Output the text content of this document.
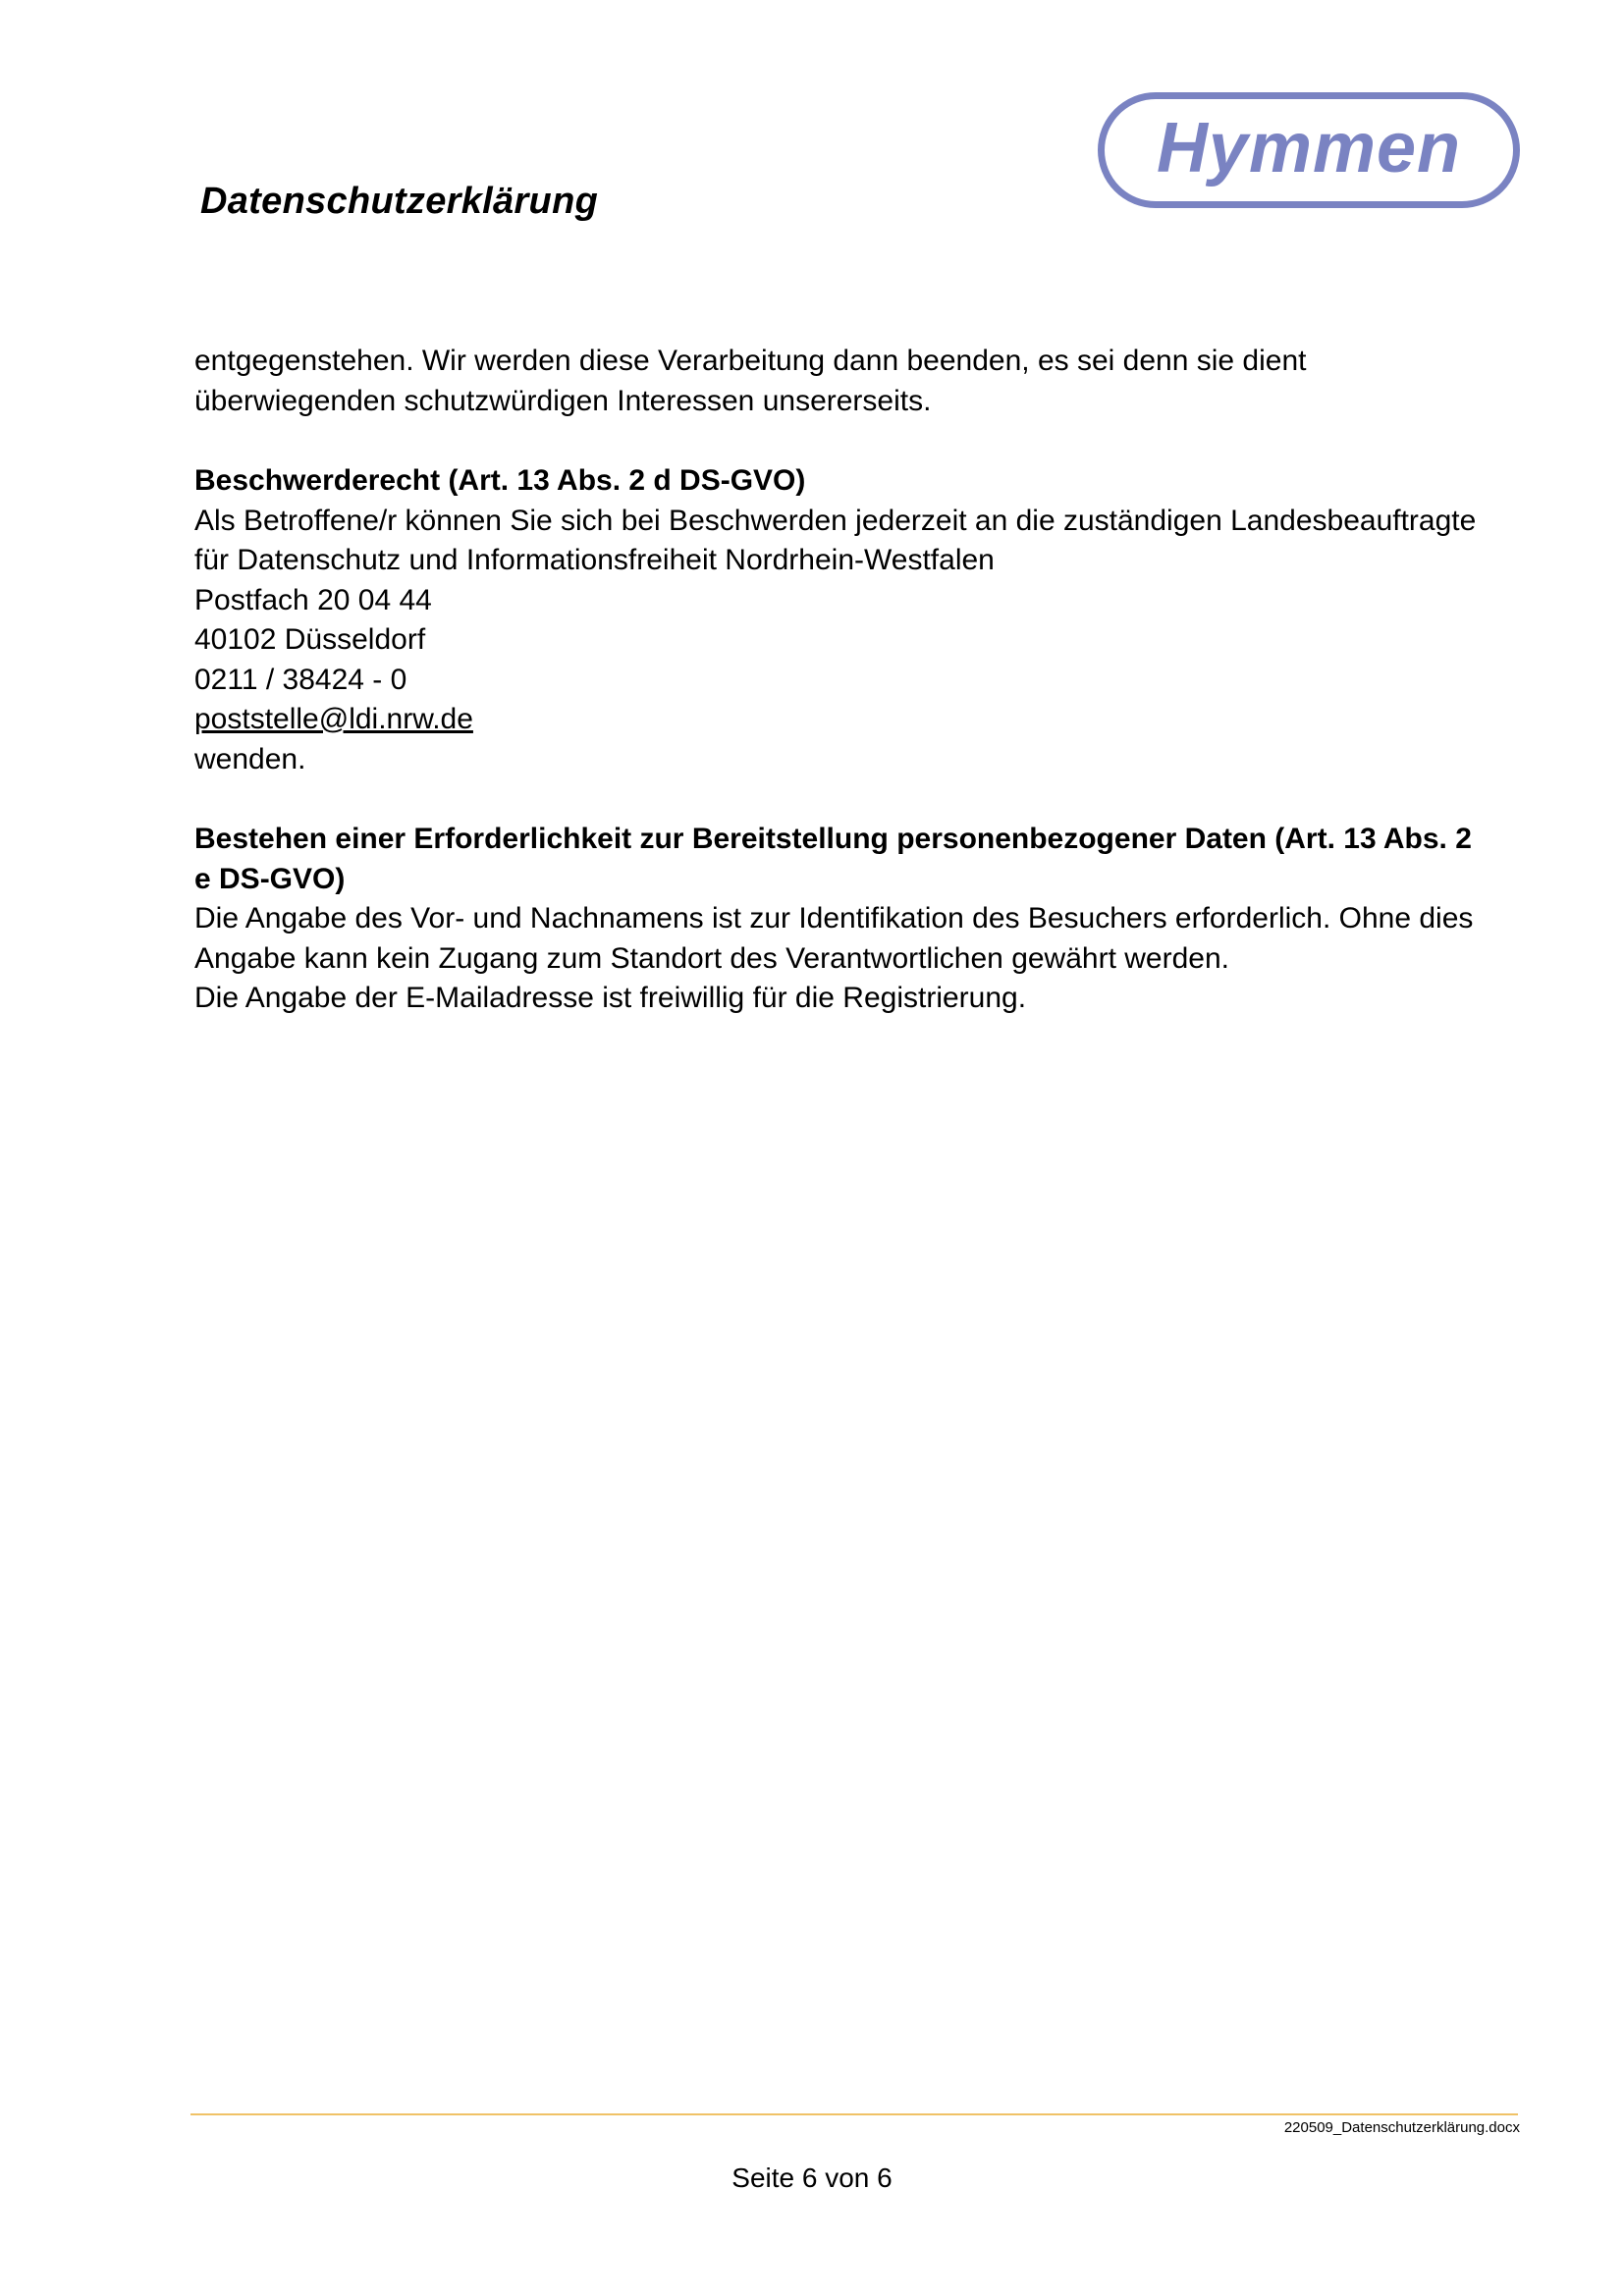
Datenschutzerklärung
Hymmen

entgegenstehen. Wir werden diese Verarbeitung dann beenden, es sei denn sie dient

überwiegenden schutzwürdigen Interessen unsererseits.

Beschwerderecht (Art. 13 Abs. 2 d DS-GVO)

Als Betroffene/r können Sie sich bei Beschwerden jederzeit an die zuständigen Landesbeauftragte

für Datenschutz und Informationsfreiheit Nordrhein-Westfalen

Postfach 20 04 44

40102 Düsseldorf

0211 / 38424 - 0

poststelle@ldi.nrw.de

wenden.

Bestehen einer Erforderlichkeit zur Bereitstellung personenbezogener Daten (Art. 13 Abs. 2

e DS-GVO)

Die Angabe des Vor- und Nachnamens ist zur Identifikation des Besuchers erforderlich. Ohne dies

Angabe kann kein Zugang zum Standort des Verantwortlichen gewährt werden.

Die Angabe der E-Mailadresse ist freiwillig für die Registrierung.

220509_Datenschutzerklärung.docx
Seite 6 von 6
